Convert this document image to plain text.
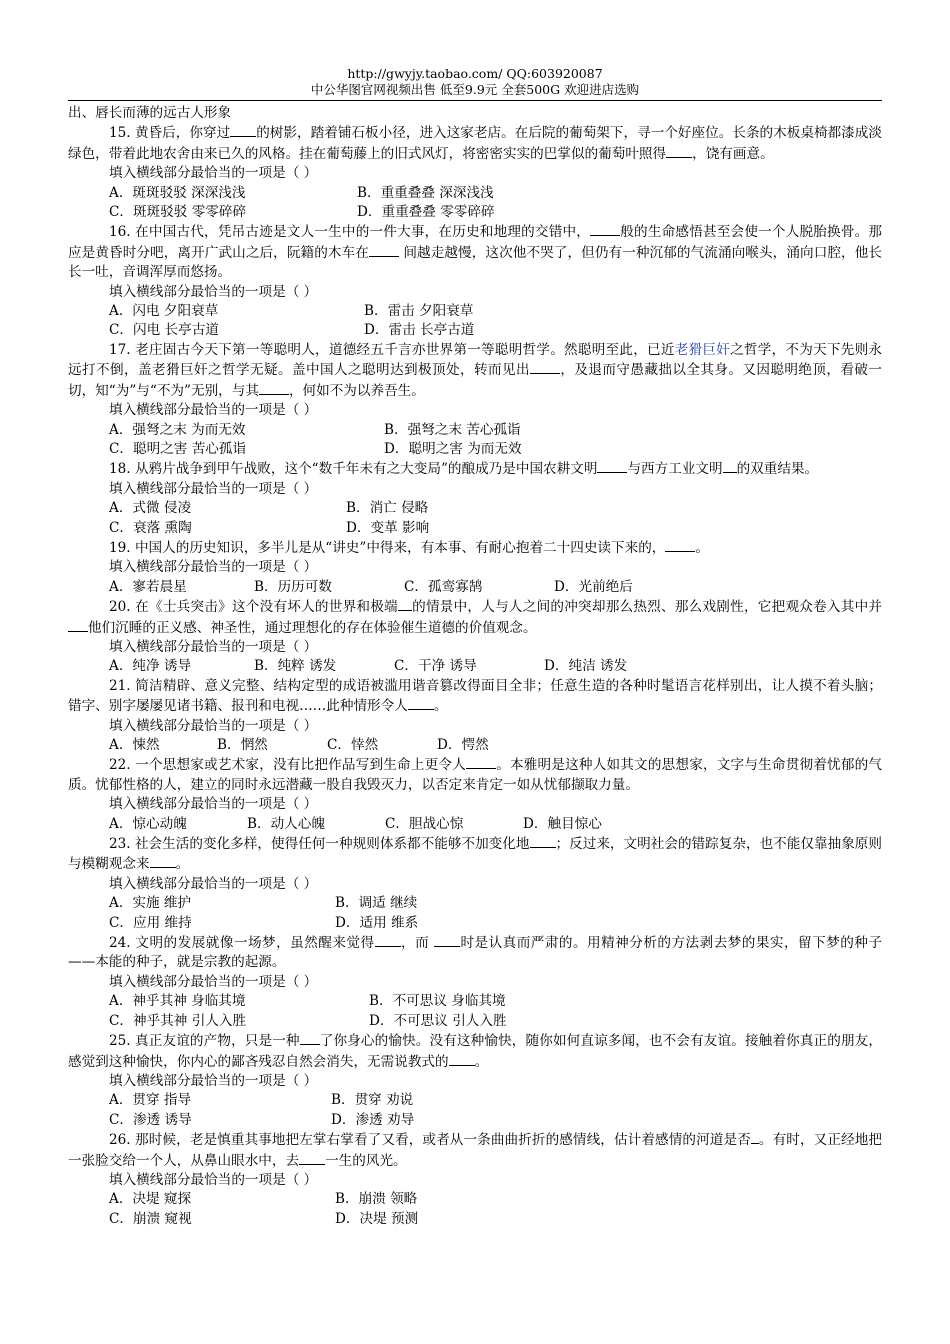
http://gwyjy.taobao.com/ QQ:603920087
中公华图官网视频出售 低至9.9元 全套500G 欢迎进店选购

出、唇长而薄的远古人形象

15. 黄昏后，你穿过 的树影，踏着铺石板小径，进入这家老店。在后院的葡萄架下，寻一个好座位。长条的木板桌椅都漆成淡绿色，带着此地农舍由来已久的风格。挂在葡萄藤上的旧式风灯，将密密实实的巴掌似的葡萄叶照得 ，饶有画意。

填入横线部分最恰当的一项是（ ）

A．斑斑驳驳 深深浅浅	B．重重叠叠 深深浅浅
C．斑斑驳驳 零零碎碎	D．重重叠叠 零零碎碎

16. 在中国古代，凭吊古迹是文人一生中的一件大事，在历史和地理的交错中， 般的生命感悟甚至会使一个人脱胎换骨。那应是黄昏时分吧，离开广武山之后，阮籍的木车在 间越走越慢，这次他不哭了，但仍有一种沉郁的气流涌向喉头，涌向口腔，他长长一吐，音调浑厚而悠扬。

填入横线部分最恰当的一项是（ ）

A．闪电 夕阳衰草	B．雷击 夕阳衰草
C．闪电 长亭古道	D．雷击 长亭古道

17. 老庄固古今天下第一等聪明人，道德经五千言亦世界第一等聪明哲学。然聪明至此，已近老猾巨奸之哲学，不为天下先则永远打不倒，盖老猾巨奸之哲学无疑。盖中国人之聪明达到极顶处，转而见出 ，及退而守愚藏拙以全其身。又因聪明绝顶，看破一切，知“为”与“不为”无别，与其 ，何如不为以养吾生。

填入横线部分最恰当的一项是（ ）

A．强弩之末 为而无效	B．强弩之末 苦心孤诣
C．聪明之害 苦心孤诣	D．聪明之害 为而无效

18. 从鸦片战争到甲午战败，这个“数千年未有之大变局”的酿成乃是中国农耕文明 与西方工业文明 的双重结果。

填入横线部分最恰当的一项是（ ）

A．式微 侵凌	B．消亡 侵略
C．衰落 熏陶	D．变革 影响

19. 中国人的历史知识，多半儿是从“讲史”中得来，有本事、有耐心抱着二十四史读下来的， 。

填入横线部分最恰当的一项是（ ）

A．寥若晨星	B．历历可数	C．孤鸾寡鹄	D．光前绝后

20. 在《士兵突击》这个没有坏人的世界和极端 的情景中，人与人之间的冲突却那么热烈、那么戏剧性，它把观众卷入其中并他们沉睡的正义感、神圣性，通过理想化的存在体验催生道德的价值观念。

填入横线部分最恰当的一项是（ ）

A．纯净 诱导	B．纯粹 诱发	C．干净 诱导	D．纯洁 诱发

21. 简洁精辟、意义完整、结构定型的成语被滥用谐音篡改得面目全非；任意生造的各种时髦语言花样别出，让人摸不着头脑；错字、别字屡屡见诸书籍、报刊和电视……此种情形令人 。

填入横线部分最恰当的一项是（ ）

A．悚然	B．惘然	C．悻然	D．愕然

22. 一个思想家或艺术家，没有比把作品写到生命上更令人 。本雅明是这种人如其文的思想家，文字与生命贯彻着忧郁的气质。忧郁性格的人，建立的同时永远潜藏一股自我毁灭力，以否定来肯定一如从忧郁撷取力量。

填入横线部分最恰当的一项是（ ）

A．惊心动魄	B．动人心魄	C．胆战心惊	D．触目惊心

23. 社会生活的变化多样，使得任何一种规则体系都不能够不加变化地 ；反过来，文明社会的错踪复杂，也不能仅靠抽象原则与模糊观念来 。

填入横线部分最恰当的一项是（ ）

A．实施 维护	B．调适 继续
C．应用 维持	D．适用 维系

24. 文明的发展就像一场梦，虽然醒来觉得 ，而 时是认真而严肃的。用精神分析的方法剥去梦的果实，留下梦的种子——本能的种子，就是宗教的起源。

填入横线部分最恰当的一项是（ ）

A．神乎其神 身临其境	B．不可思议 身临其境
C．神乎其神 引人入胜	D．不可思议 引人入胜

25. 真正友谊的产物，只是一种 了你身心的愉快。没有这种愉快，随你如何直谅多闻，也不会有友谊。接触着你真正的朋友，感觉到这种愉快，你内心的鄙吝残忍自然会消失，无需说教式的 。

填入横线部分最恰当的一项是（ ）

A．贯穿 指导	B．贯穿 劝说
C．渗透 诱导	D．渗透 劝导

26. 那时候，老是慎重其事地把左掌右掌看了又看，或者从一条曲曲折折的感情线，估计着感情的河道是否 。有时，又正经地把一张脸交给一个人，从鼻山眼水中，去 一生的风光。

填入横线部分最恰当的一项是（ ）

A．决堤 窥探	B．崩溃 领略
C．崩溃 窥视	D．决堤 预测
